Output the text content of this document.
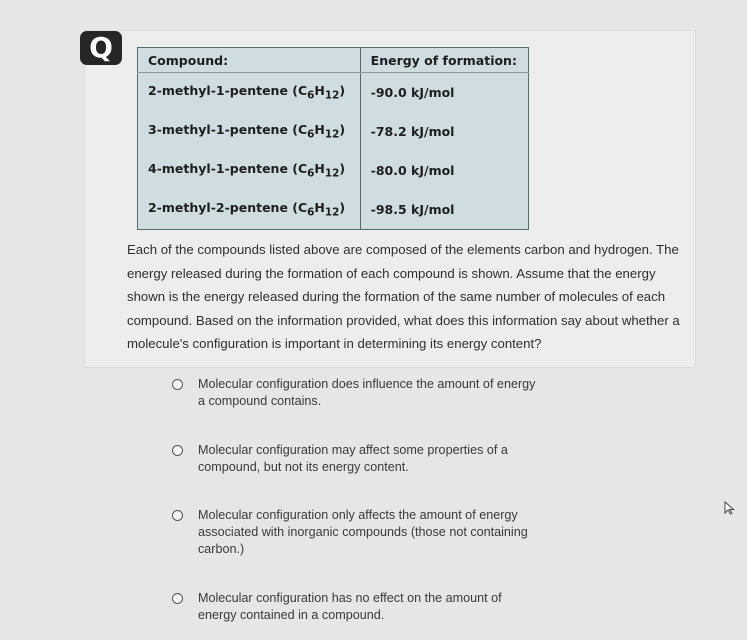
Q	Compound:	Energy of formation:
2-methyl-1-pentene $(C_6H_{12})$	-90.0 kJ/mol
3-methyl-1-pentene $(C_6H_{12})$	-78.2 kJ/mol
4-methyl-1-pentene $(C_6H_{12})$	-80.0 kJ/mol
2-methyl-2-pentene $(C_6H_{12})$	-98.5 kJ/mol
Each of the compounds listed above are composed of the elements carbon and hydrogen. The energy released during the formation of each compound is shown. Assume that the energy shown is the energy released during the formation of the same number of molecules of each compound. Based on the information provided, what does this information say about whether a molecule's configuration is important in determining its energy content?
Molecular configuration does influence the amount of energy a compound contains.
Molecular configuration may affect some properties of a compound, but not its energy content.
Molecular configuration only affects the amount of energy associated with inorganic compounds (those not containing carbon.)
Molecular configuration has no effect on the amount of energy contained in a compound.
